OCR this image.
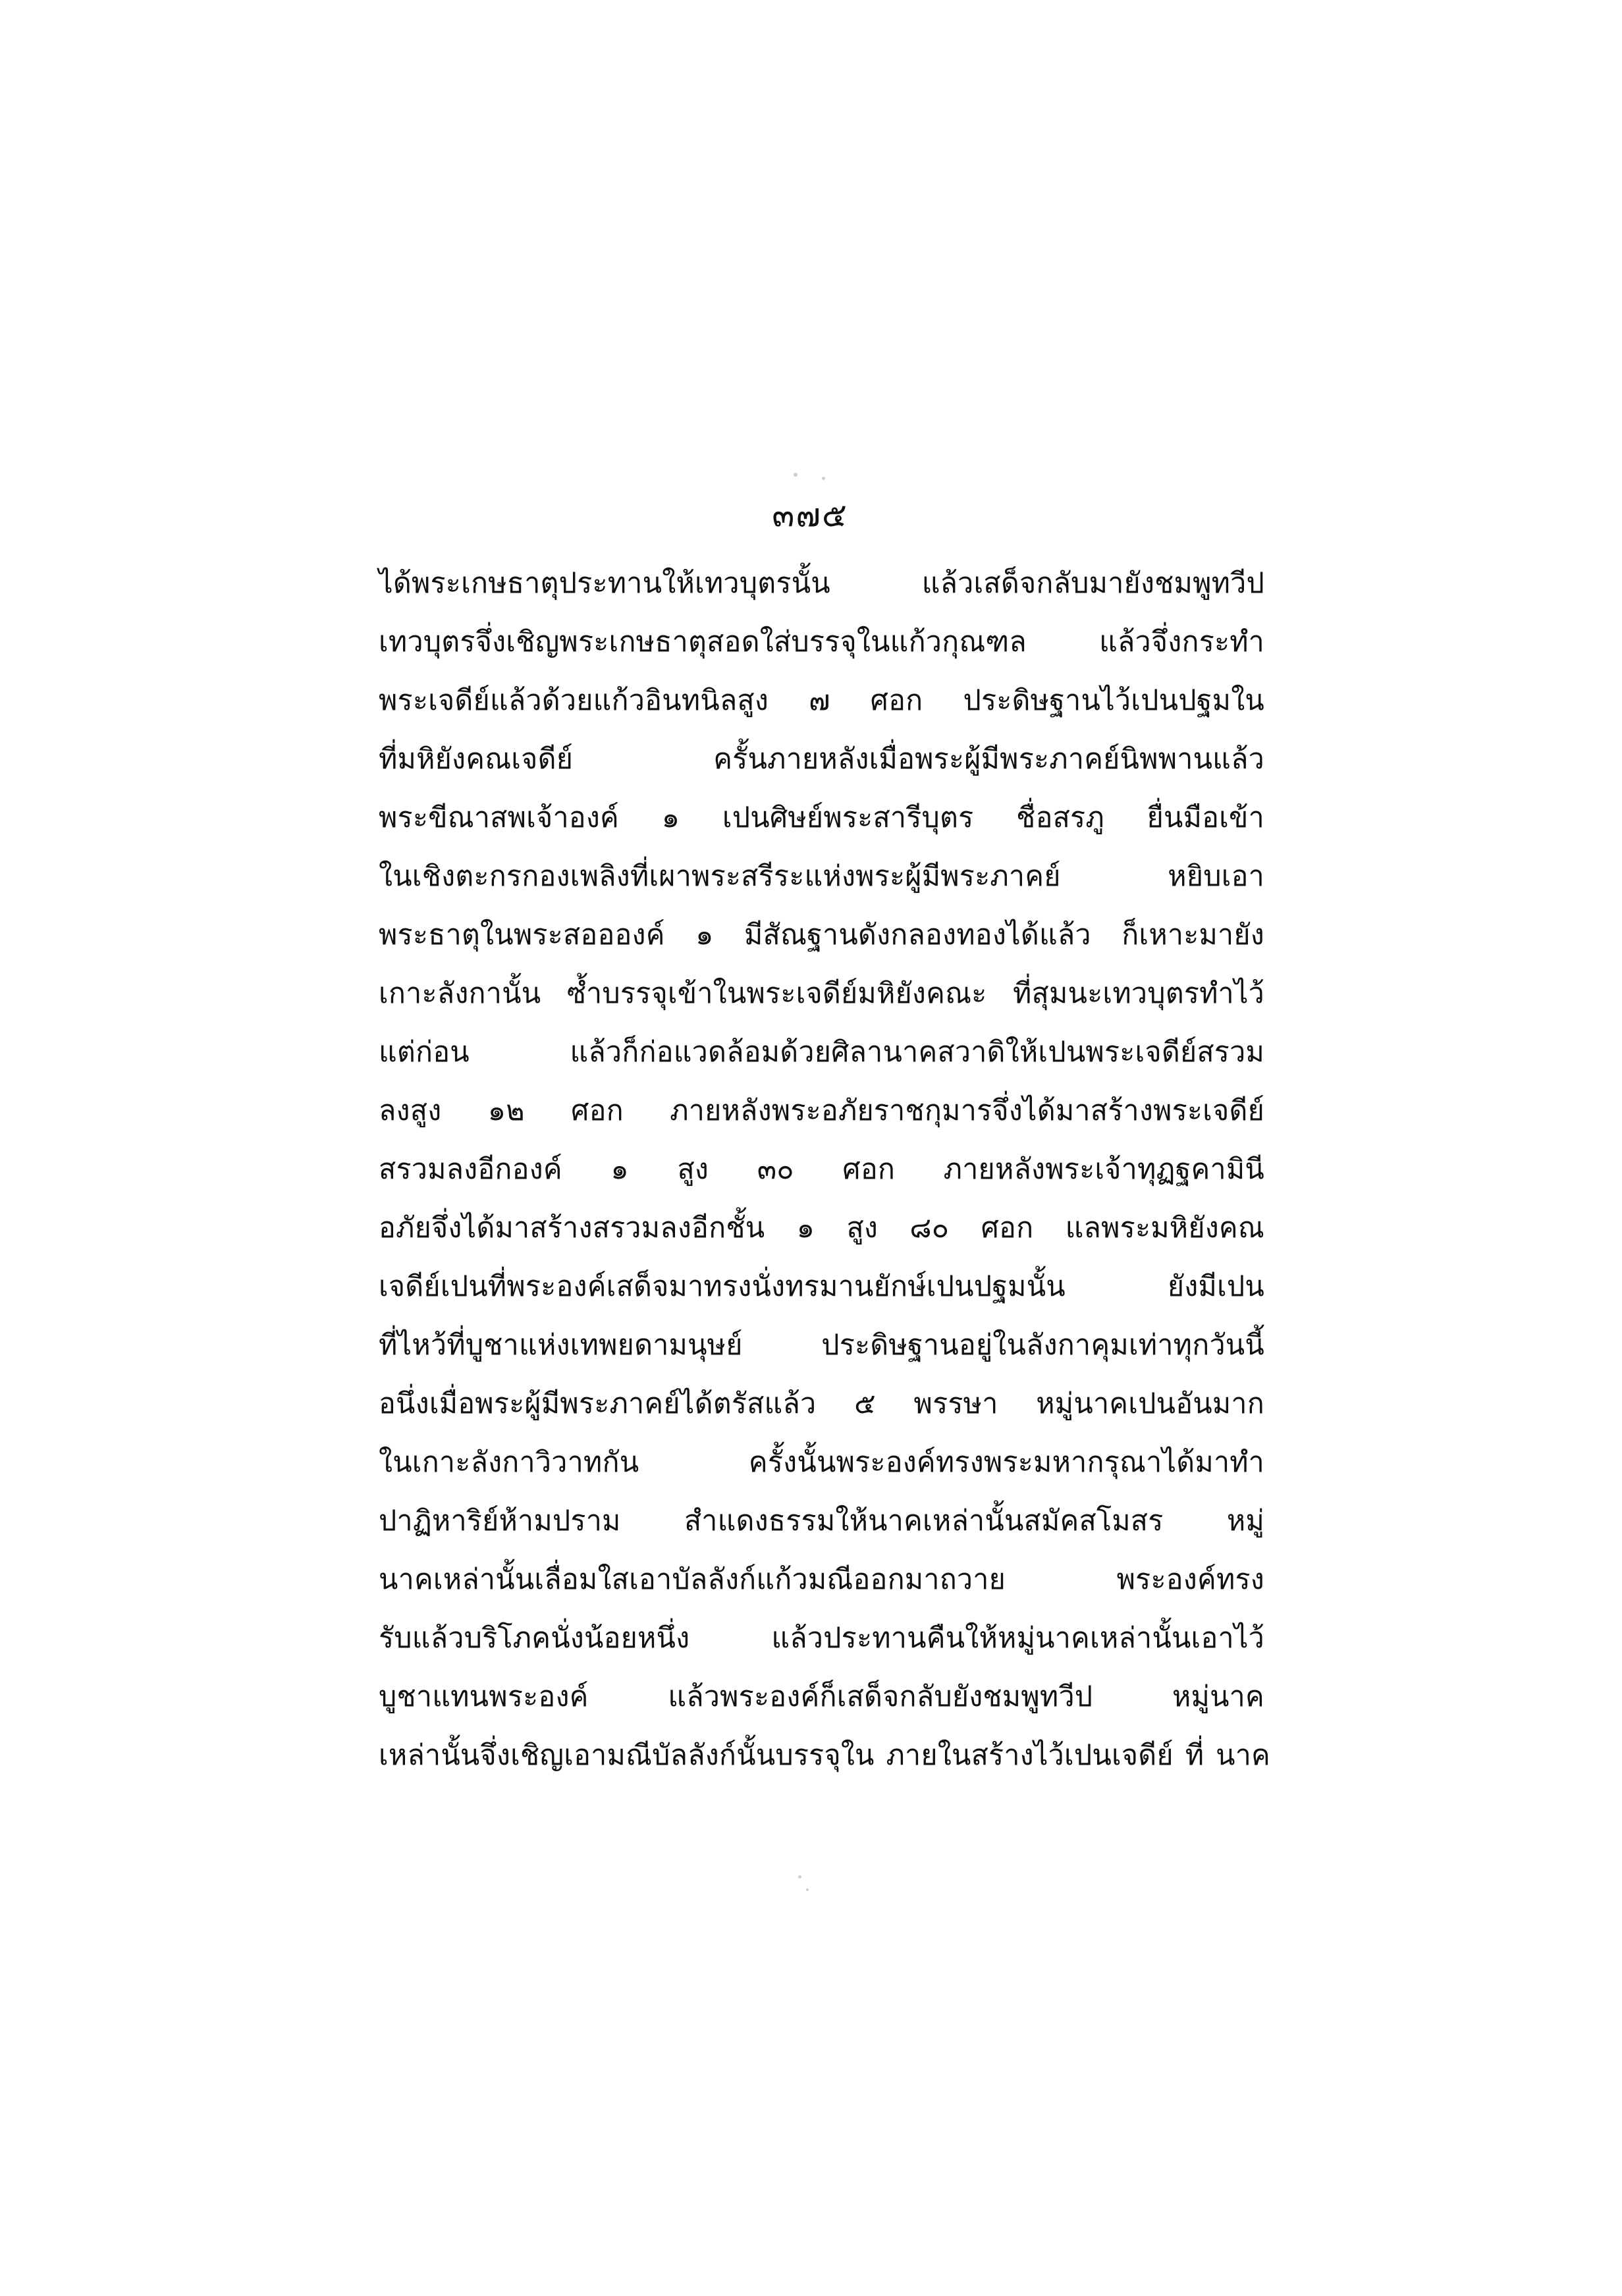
๓๗๕
ได้พระเกษธาตุประทานให้เทวบุตรนั้น แล้วเสด็จกลับมายังชมพูทวีป
เทวบุตรจึ่งเชิญพระเกษธาตุสอดใส่บรรจุในแก้วกุณฑล แล้วจึ่งกระทำ
พระเจดีย์แล้วด้วยแก้วอินทนิลสูง ๗ ศอก ประดิษฐานไว้เปนปฐมใน
ที่มหิยังคณเจดีย์ ครั้นภายหลังเมื่อพระผู้มีพระภาคย์นิพพานแล้ว
พระขีณาสพเจ้าองค์ ๑ เปนศิษย์พระสารีบุตร ชื่อสรภู ยื่นมือเข้า
ในเชิงตะกรกองเพลิงที่เผาพระสรีระแห่งพระผู้มีพระภาคย์ หยิบเอา
พระธาตุในพระสออองค์ ๑ มีสัณฐานดังกลองทองได้แล้ว ก็เหาะมายัง
เกาะลังกานั้น ซ้ำบรรจุเข้าในพระเจดีย์มหิยังคณะ ที่สุมนะเทวบุตรทำไว้
แต่ก่อน แล้วก็ก่อแวดล้อมด้วยศิลานาคสวาดิให้เปนพระเจดีย์สรวม
ลงสูง ๑๒ ศอก ภายหลังพระอภัยราชกุมารจึ่งได้มาสร้างพระเจดีย์
สรวมลงอีกองค์ ๑ สูง ๓๐ ศอก ภายหลังพระเจ้าทุฏฐคามินี
อภัยจึ่งได้มาสร้างสรวมลงอีกชั้น ๑ สูง ๘๐ ศอก แลพระมหิยังคณ
เจดีย์เปนที่พระองค์เสด็จมาทรงนั่งทรมานยักษ์เปนปฐมนั้น ยังมีเปน
ที่ไหว้ที่บูชาแห่งเทพยดามนุษย์ ประดิษฐานอยู่ในลังกาคุมเท่าทุกวันนี้
อนึ่งเมื่อพระผู้มีพระภาคย์ได้ตรัสแล้ว ๕ พรรษา หมู่นาคเปนอันมาก
ในเกาะลังกาวิวาทกัน ครั้งนั้นพระองค์ทรงพระมหากรุณาได้มาทำ
ปาฏิหาริย์ห้ามปราม สำแดงธรรมให้นาคเหล่านั้นสมัคสโมสร หมู่
นาคเหล่านั้นเลื่อมใสเอาบัลลังก์แก้วมณีออกมาถวาย พระองค์ทรง
รับแล้วบริโภคนั่งน้อยหนึ่ง แล้วประทานคืนให้หมู่นาคเหล่านั้นเอาไว้
บูชาแทนพระองค์ แล้วพระองค์ก็เสด็จกลับยังชมพูทวีป หมู่นาค
เหล่านั้นจึ่งเชิญเอามณีบัลลังก์นั้นบรรจุใน ภายในสร้างไว้เปนเจดีย์ ที่ นาค
